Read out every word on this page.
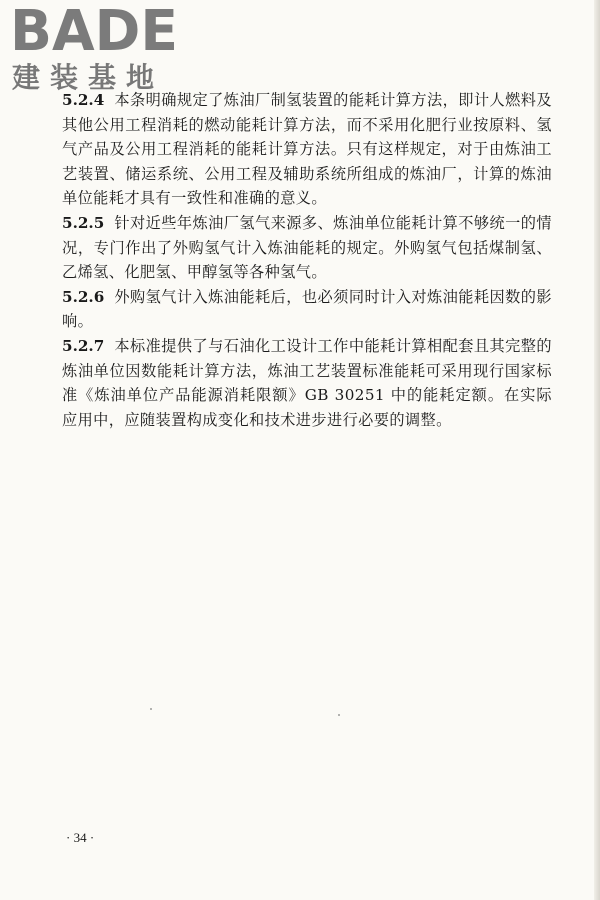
BADE
建装基地

5.2.4 本条明确规定了炼油厂制氢装置的能耗计算方法，即计人燃料及其他公用工程消耗的燃动能耗计算方法，而不采用化肥行业按原料、氢气产品及公用工程消耗的能耗计算方法。只有这样规定，对于由炼油工艺装置、储运系统、公用工程及辅助系统所组成的炼油厂，计算的炼油单位能耗才具有一致性和准确的意义。

5.2.5 针对近些年炼油厂氢气来源多、炼油单位能耗计算不够统一的情况，专门作出了外购氢气计入炼油能耗的规定。外购氢气包括煤制氢、乙烯氢、化肥氢、甲醇氢等各种氢气。

5.2.6 外购氢气计入炼油能耗后，也必须同时计入对炼油能耗因数的影响。

5.2.7 本标准提供了与石油化工设计工作中能耗计算相配套且其完整的炼油单位因数能耗计算方法，炼油工艺装置标准能耗可采用现行国家标准《炼油单位产品能源消耗限额》GB 30251 中的能耗定额。在实际应用中，应随装置构成变化和技术进步进行必要的调整。

· 34 ·
